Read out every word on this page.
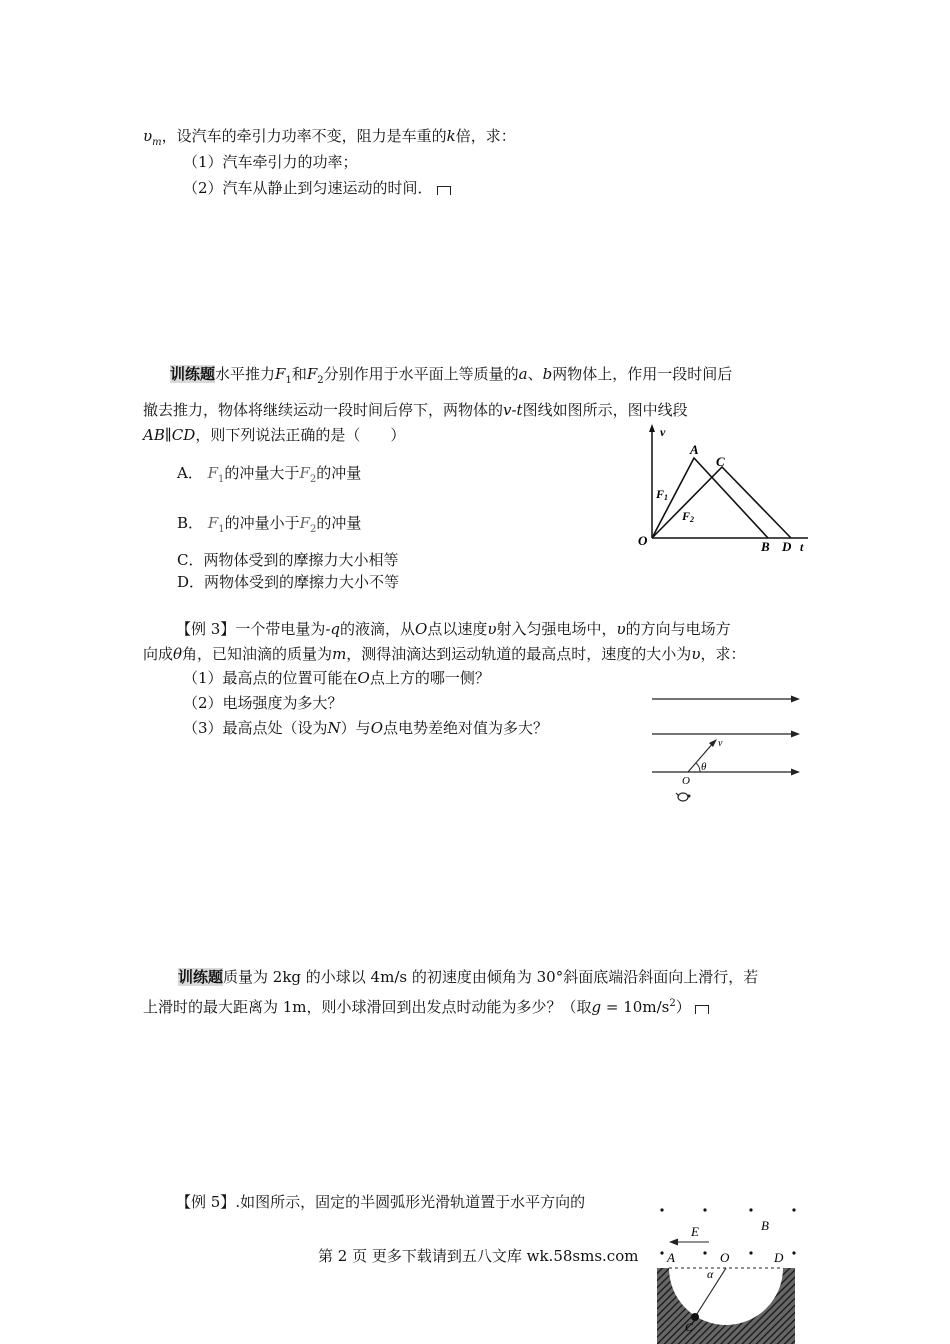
$\upsilon_m$，设汽车的牵引力功率不变，阻力是车重的k倍，求：
（1）汽车牵引力的功率；
（2）汽车从静止到匀速运动的时间．
训练题水平推力$F_1$和$F_2$分别作用于水平面上等质量的a、b两物体上，作用一段时间后
撤去推力，物体将继续运动一段时间后停下，两物体的v-t图线如图所示，图中线段
AB∥CD，则下列说法正确的是（　　）
A． $F_1$的冲量大于$F_2$的冲量
B． $F_1$的冲量小于$F_2$的冲量
C．两物体受到的摩擦力大小相等
D．两物体受到的摩擦力大小不等
v
A
C
F1
F2
O	B D t
【例 3】一个带电量为-q的液滴，从O点以速度υ射入匀强电场中，υ的方向与电场方
向成θ角，已知油滴的质量为m，测得油滴达到运动轨道的最高点时，速度的大小为υ，求：
（1）最高点的位置可能在O点上方的哪一侧？
（2）电场强度为多大？
（3）最高点处（设为N）与O点电势差绝对值为多大？
v
θ
O
训练题质量为 2kg 的小球以 4m/s 的初速度由倾角为 30°斜面底端沿斜面向上滑行，若
上滑时的最大距离为 1m，则小球滑回到出发点时动能为多少？（取$g = 10m/s^2$）
【例 5】.如图所示，固定的半圆弧形光滑轨道置于水平方向的
E	B
A	O	D
α
C
第 2 页 更多下载请到五八文库 wk.58sms.com
